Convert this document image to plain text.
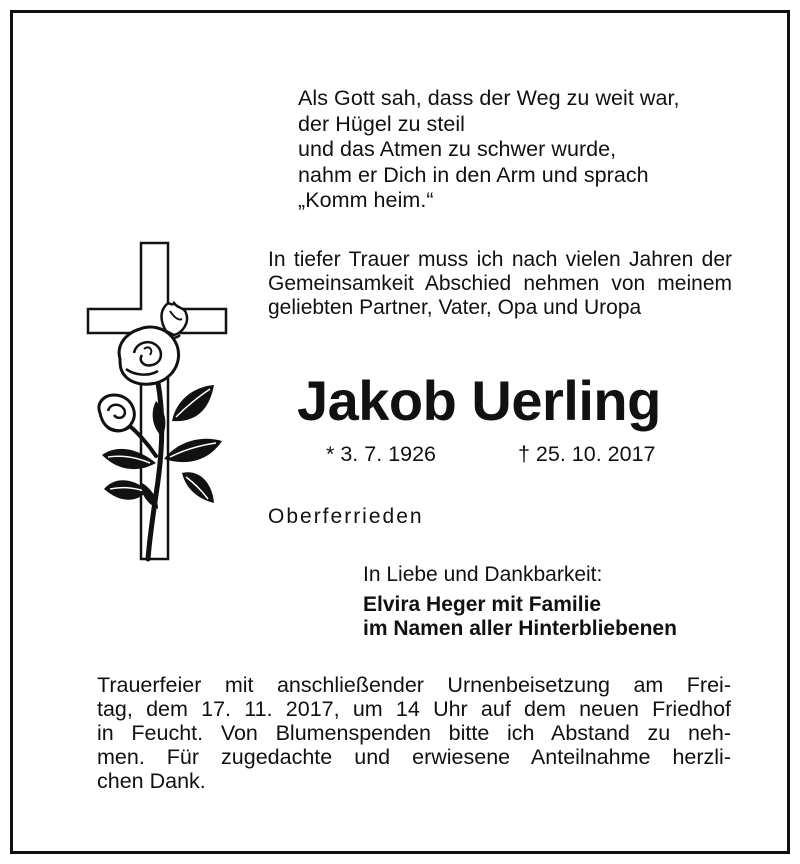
Als Gott sah, dass der Weg zu weit war,
der Hügel zu steil
und das Atmen zu schwer wurde,
nahm er Dich in den Arm und sprach
„Komm heim.“
In tiefer Trauer muss ich nach vielen Jahren der Gemeinsamkeit Abschied nehmen von meinem geliebten Partner, Vater, Opa und Uropa
Jakob Uerling
* 3. 7. 1926	† 25. 10. 2017
Oberferrieden
In Liebe und Dankbarkeit:
Elvira Heger mit Familie
im Namen aller Hinterbliebenen
Trauerfeier mit anschließender Urnenbeisetzung am Frei-
tag, dem 17. 11. 2017, um 14 Uhr auf dem neuen Friedhof
in Feucht. Von Blumenspenden bitte ich Abstand zu neh-
men. Für zugedachte und erwiesene Anteilnahme herzli-
chen Dank.
